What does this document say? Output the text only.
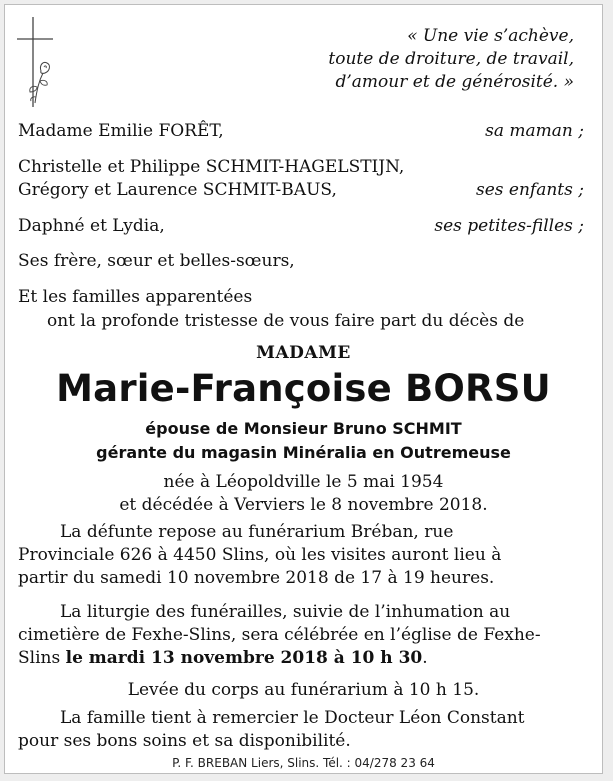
« Une vie s’achève,
toute de droiture, de travail,
d’amour et de générosité. »
Madame Emilie FORÊT,	sa maman ;
Christelle et Philippe SCHMIT-HAGELSTIJN,
Grégory et Laurence SCHMIT-BAUS,	ses enfants ;
Daphné et Lydia,	ses petites-filles ;
Ses frère, sœur et belles-sœurs,
Et les familles apparentées
ont la profonde tristesse de vous faire part du décès de
MADAME
Marie-Françoise BORSU
épouse de Monsieur Bruno SCHMIT
gérante du magasin Minéralia en Outremeuse
née à Léopoldville le 5 mai 1954
et décédée à Verviers le 8 novembre 2018.
La défunte repose au funérarium Bréban, rue
Provinciale 626 à 4450 Slins, où les visites auront lieu à
partir du samedi 10 novembre 2018 de 17 à 19 heures.
La liturgie des funérailles, suivie de l’inhumation au
cimetière de Fexhe-Slins, sera célébrée en l’église de Fexhe-
Slins le mardi 13 novembre 2018 à 10 h 30.
Levée du corps au funérarium à 10 h 15.
La famille tient à remercier le Docteur Léon Constant
pour ses bons soins et sa disponibilité.
P. F. BREBAN Liers, Slins. Tél. : 04/278 23 64
